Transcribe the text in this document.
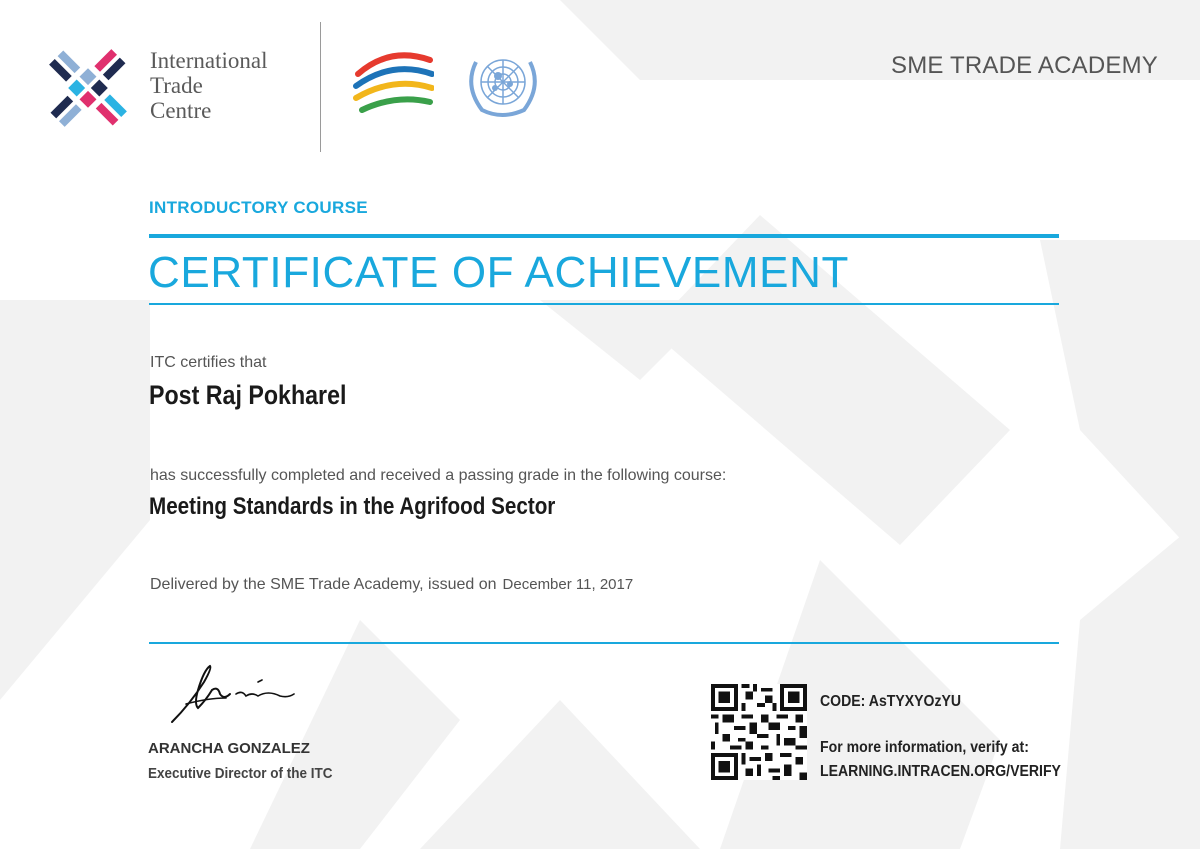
International
Trade
Centre
SME TRADE ACADEMY
INTRODUCTORY COURSE
CERTIFICATE OF ACHIEVEMENT
ITC certifies that
Post Raj Pokharel
has successfully completed and received a passing grade in the following course:
Meeting Standards in the Agrifood Sector
Delivered by the SME Trade Academy, issued on December 11, 2017
ARANCHA GONZALEZ
Executive Director of the ITC
CODE: AsTYXYOzYU
For more information, verify at:
LEARNING.INTRACEN.ORG/VERIFY
